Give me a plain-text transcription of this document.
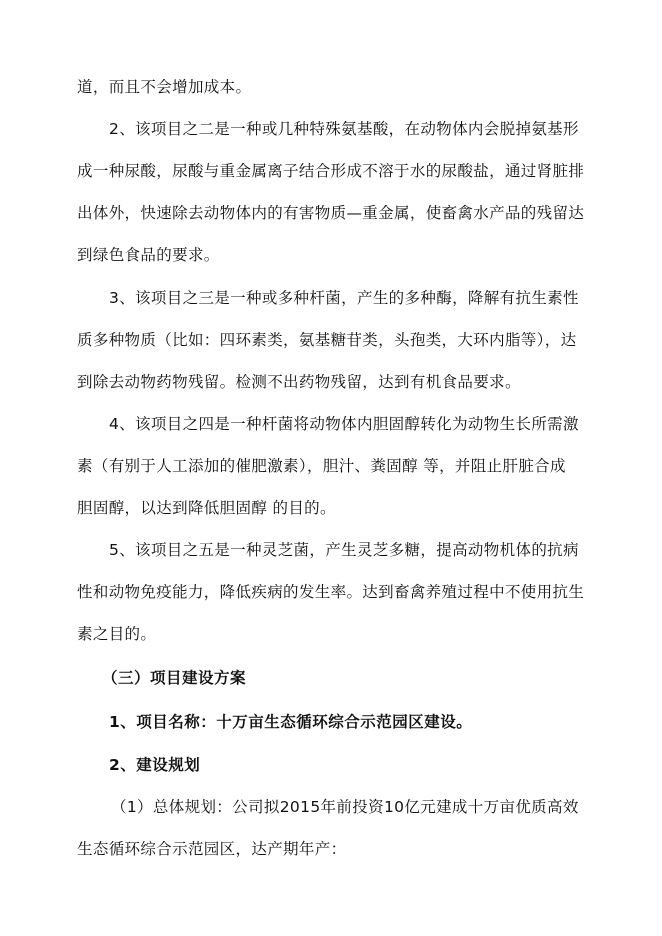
道，而且不会增加成本。
2、该项目之二是一种或几种特殊氨基酸，在动物体内会脱掉氨基形
成一种尿酸，尿酸与重金属离子结合形成不溶于水的尿酸盐，通过肾脏排
出体外，快速除去动物体内的有害物质—重金属，使畜禽水产品的残留达
到绿色食品的要求。
3、该项目之三是一种或多种杆菌，产生的多种酶，降解有抗生素性
质多种物质（比如：四环素类，氨基糖苷类，头孢类，大环内脂等），达
到除去动物药物残留。检测不出药物残留，达到有机食品要求。
4、该项目之四是一种杆菌将动物体内胆固醇转化为动物生长所需激
素（有别于人工添加的催肥激素），胆汁、粪固醇 等，并阻止肝脏合成
胆固醇，以达到降低胆固醇 的目的。
5、该项目之五是一种灵芝菌，产生灵芝多糖，提高动物机体的抗病
性和动物免疫能力，降低疾病的发生率。达到畜禽养殖过程中不使用抗生
素之目的。
（三）项目建设方案
1、项目名称：十万亩生态循环综合示范园区建设。
2、建设规划
（1）总体规划：公司拟2015年前投资10亿元建成十万亩优质高效
生态循环综合示范园区，达产期年产：
